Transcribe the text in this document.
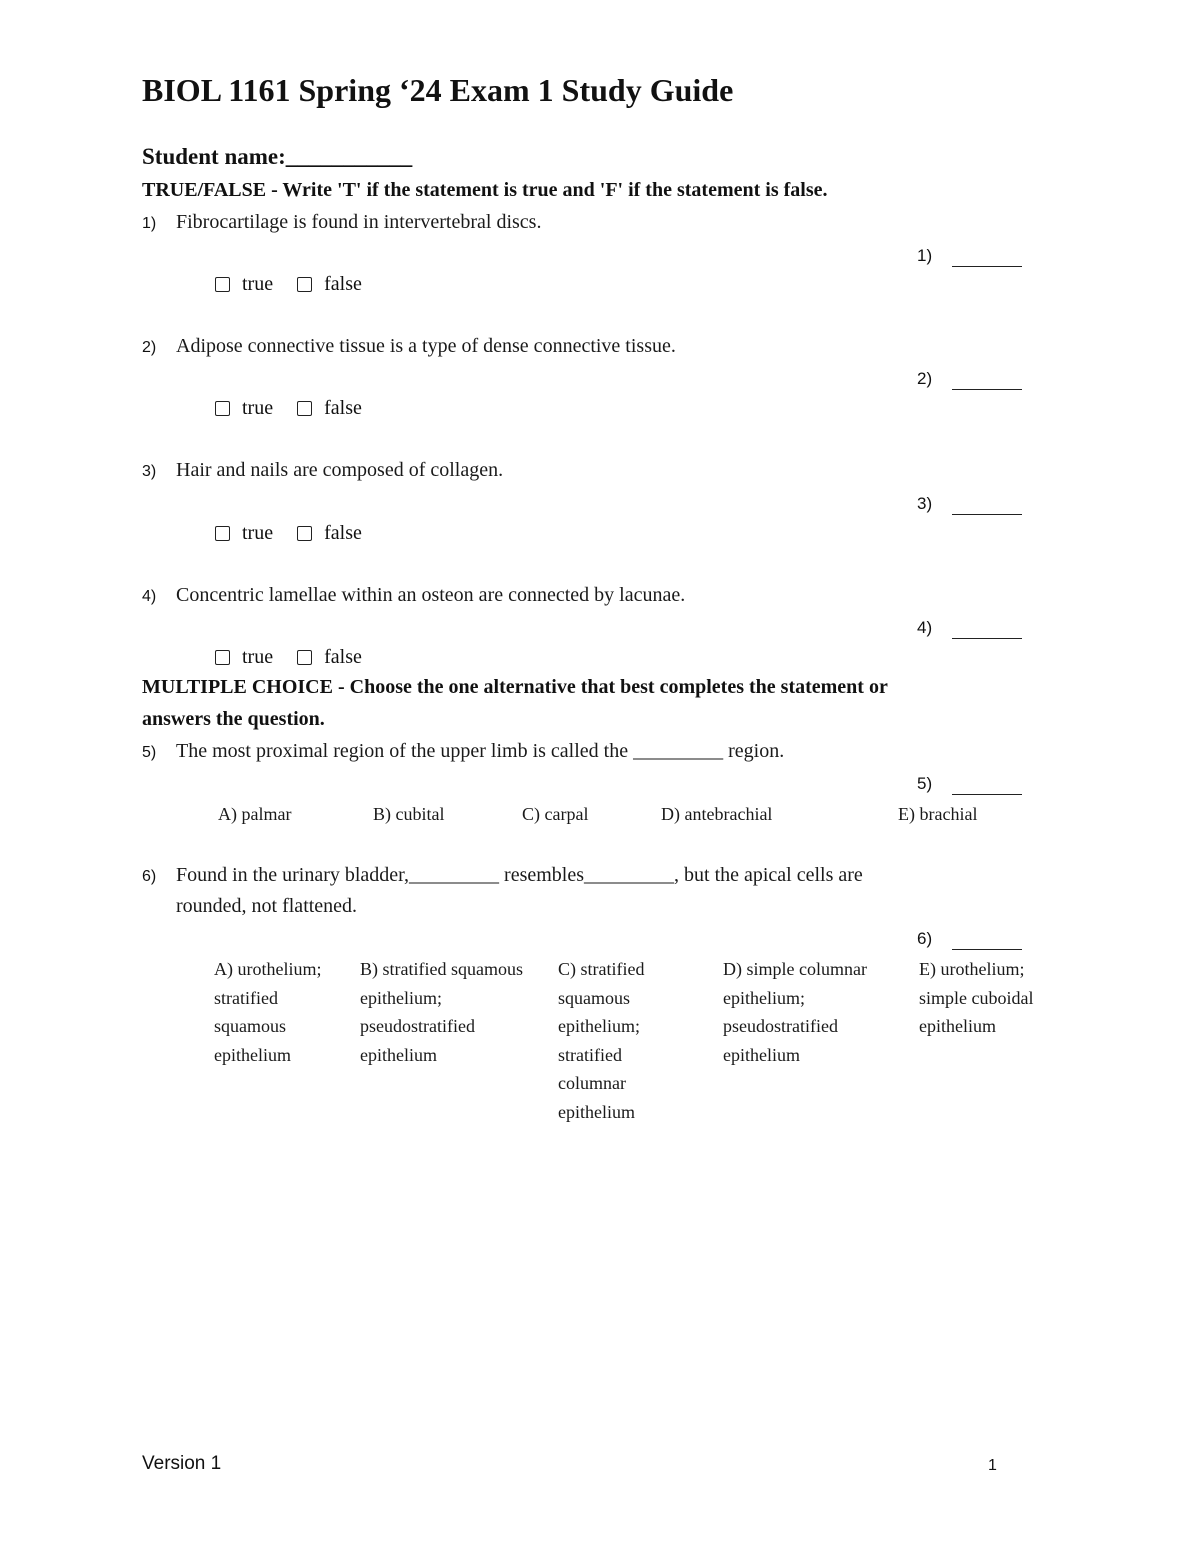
BIOL 1161 Spring ‘24 Exam 1 Study Guide
Student name:___________
TRUE/FALSE - Write 'T' if the statement is true and 'F' if the statement is false.
1) Fibrocartilage is found in intervertebral discs.
1)
true	false
2) Adipose connective tissue is a type of dense connective tissue.
2)
true	false
3) Hair and nails are composed of collagen.
3)
true	false
4) Concentric lamellae within an osteon are connected by lacunae.
4)
true	false
MULTIPLE CHOICE - Choose the one alternative that best completes the statement or
answers the question.
5) The most proximal region of the upper limb is called the _________ region.
5)
A) palmar	B) cubital	C) carpal	D) antebrachial	E) brachial
6) Found in the urinary bladder,_________ resembles_________, but the apical cells are
rounded, not flattened.
6)
A) urothelium; stratified squamous epithelium
B) stratified squamous epithelium; pseudostratified epithelium
C) stratified squamous epithelium; stratified columnar epithelium
D) simple columnar epithelium; pseudostratified epithelium
E) urothelium; simple cuboidal epithelium
Version 1	1
